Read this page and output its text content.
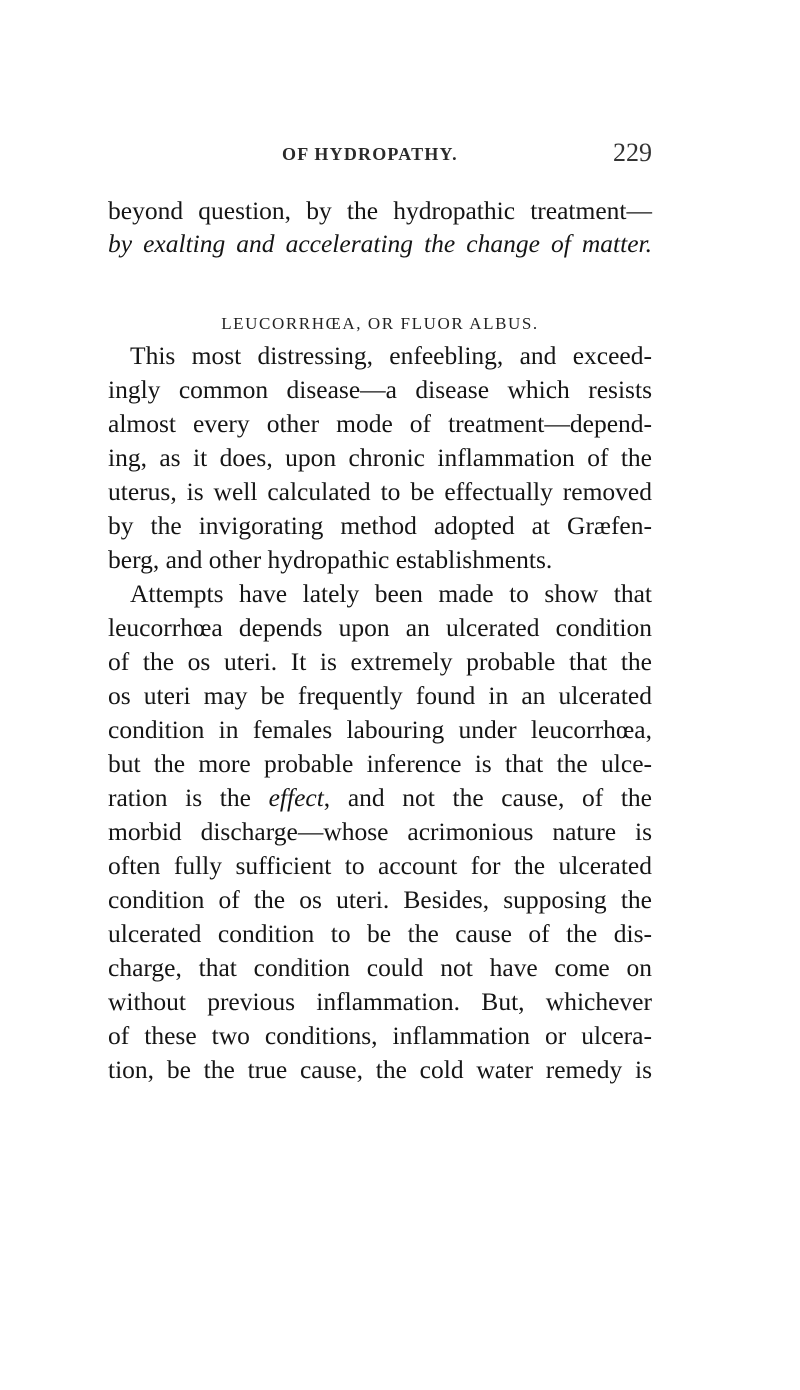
OF HYDROPATHY.	229
beyond question, by the hydropathic treatment—
by exalting and accelerating the change of matter.
LEUCORRHŒA, OR FLUOR ALBUS.
This most distressing, enfeebling, and exceed-
ingly common disease—a disease which resists
almost every other mode of treatment—depend-
ing, as it does, upon chronic inflammation of the
uterus, is well calculated to be effectually removed
by the invigorating method adopted at Græfen-
berg, and other hydropathic establishments.
Attempts have lately been made to show that
leucorrhœa depends upon an ulcerated condition
of the os uteri. It is extremely probable that the
os uteri may be frequently found in an ulcerated
condition in females labouring under leucorrhœa,
but the more probable inference is that the ulce-
ration is the effect, and not the cause, of the
morbid discharge—whose acrimonious nature is
often fully sufficient to account for the ulcerated
condition of the os uteri. Besides, supposing the
ulcerated condition to be the cause of the dis-
charge, that condition could not have come on
without previous inflammation. But, whichever
of these two conditions, inflammation or ulcera-
tion, be the true cause, the cold water remedy is
